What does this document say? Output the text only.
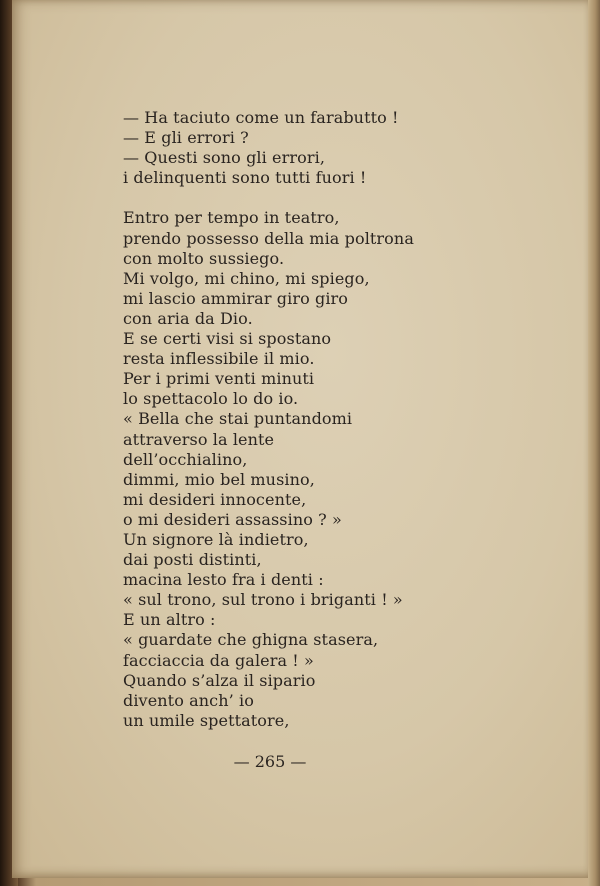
— Ha taciuto come un farabutto !
— E gli errori ?
— Questi sono gli errori,
i delinquenti sono tutti fuori !
Entro per tempo in teatro,
prendo possesso della mia poltrona
con molto sussiego.
Mi volgo, mi chino, mi spiego,
mi lascio ammirar giro giro
con aria da Dio.
E se certi visi si spostano
resta inflessibile il mio.
Per i primi venti minuti
lo spettacolo lo do io.
« Bella che stai puntandomi
attraverso la lente
dell’occhialino,
dimmi, mio bel musino,
mi desideri innocente,
o mi desideri assassino ? »
Un signore là indietro,
dai posti distinti,
macina lesto fra i denti :
« sul trono, sul trono i briganti ! »
E un altro :
« guardate che ghigna stasera,
facciaccia da galera ! »
Quando s’alza il sipario
divento anch’ io
un umile spettatore,
— 265 —
